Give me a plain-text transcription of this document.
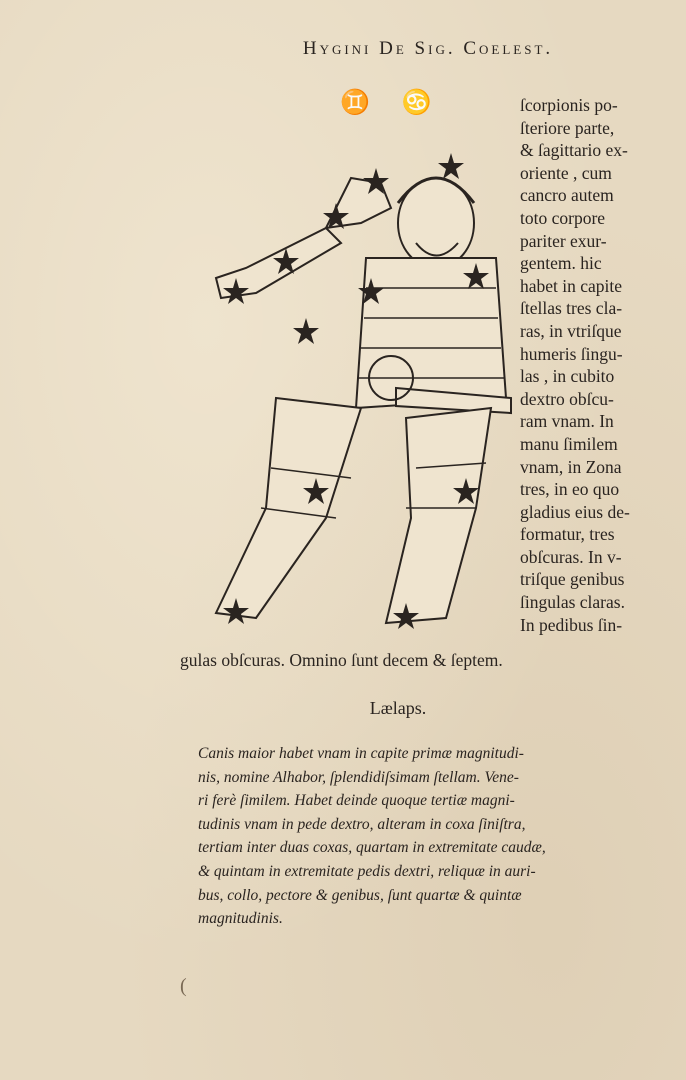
Hygini De Sig. Coelest.
♊ ♋	ſcorpionis po-
ſteriore parte,
& ſagittario ex-
oriente , cum
cancro autem
toto corpore
pariter exur-
gentem. hic
habet in capite
ſtellas tres cla-
ras, in vtriſque
humeris ſingu-
las , in cubito
dextro obſcu-
ram vnam. In
manu ſimilem
vnam, in Zona
tres, in eo quo
gladius eius de-
formatur, tres
obſcuras. In v-
triſque genibus
ſingulas claras.
In pedibus ſin-
gulas obſcuras. Omnino ſunt decem & ſeptem.
Lælaps.
Canis maior habet vnam in capite primæ magnitudi-
nis, nomine Alhabor, ſplendidiſsimam ſtellam. Vene-
ri ferè ſimilem. Habet deinde quoque tertiæ magni-
tudinis vnam in pede dextro, alteram in coxa ſiniſtra,
tertiam inter duas coxas, quartam in extremitate caudæ,
& quintam in extremitate pedis dextri, reliquæ in auri-
bus, collo, pectore & genibus, ſunt quartæ & quintæ
magnitudinis.
(
